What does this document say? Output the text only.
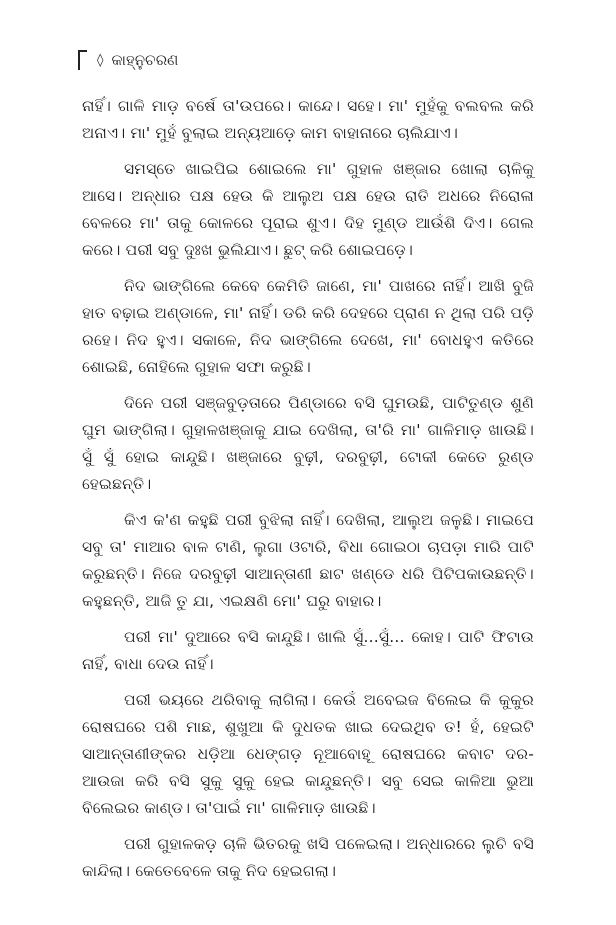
◊ କାହ୍ନୁଚରଣ

ନାହିଁ। ଗାଳି ମାଡ଼ ବର୍ଷେ ତା'ଉପରେ। କାନ୍ଦେ। ସହେ। ମା' ମୁହଁକୁ ବଲବଲ କରି ଅନାଏ। ମା' ମୁହଁ ବୁଲାଇ ଅନ୍ୟଆଡ଼େ କାମ ବାହାନାରେ ଚାଲିଯାଏ।

ସମସ୍ତେ ଖାଇପିଇ ଶୋଇଲେ ମା' ଗୁହାଳ ଖଞ୍ଜାର ଖୋଲା ଚାଳିକୁ ଆସେ। ଅନ୍ଧାର ପକ୍ଷ ହେଉ କି ଆଲୁଅ ପକ୍ଷ ହେଉ ରାତି ଅଧରେ ନିରୋଳା ବେଳରେ ମା' ତାକୁ କୋଳରେ ପୂରାଇ ଶୁଏ। ଦିହ ମୁଣ୍ଡ ଆଉଁଶି ଦିଏ। ଗେଲ କରେ। ପରୀ ସବୁ ଦୁଃଖ ଭୁଲିଯାଏ। ଛୁଟ୍ କରି ଶୋଇପଡ଼େ।

ନିଦ ଭାଙ୍ଗିଲେ କେବେ କେମିତି ଜାଣେ, ମା' ପାଖରେ ନାହିଁ। ଆଖି ବୁଜି ହାତ ବଢ଼ାଇ ଅଣ୍ଡାଳେ, ମା' ନାହିଁ। ଡରି କରି ଦେହରେ ପ୍ରାଣ ନ ଥିଲା ପରି ପଡ଼ି ରହେ। ନିଦ ହୁଏ। ସକାଳେ, ନିଦ ଭାଙ୍ଗିଲେ ଦେଖେ, ମା' ବୋଧହୁଏ କତିରେ ଶୋଇଛି, ନୋହିଲେ ଗୁହାଳ ସଫା କରୁଛି।

ଦିନେ ପରୀ ସଞ୍ଜବୁଡ଼ତାରେ ପିଣ୍ଡାରେ ବସି ଘୁମଉଛି, ପାଟିତୁଣ୍ଡ ଶୁଣି ଘୁମ ଭାଙ୍ଗିଲା। ଗୁହାଳଖଞ୍ଜାକୁ ଯାଇ ଦେଖିଲା, ତା'ରି ମା' ଗାଳିମାଡ଼ ଖାଉଛି। ସୁଁ ସୁଁ ହୋଇ କାନ୍ଦୁଛି। ଖଞ୍ଜାରେ ବୁଢ଼ୀ, ଦରବୁଢ଼ୀ, ଟୋକୀ କେତେ ରୁଣ୍ଡ ହେଇଛନ୍ତି।

କିଏ କ'ଣ କହୁଛି ପରୀ ବୁଝିଲା ନାହିଁ। ଦେଖିଲା, ଆଲୁଅ ଜଳୁଛି। ମାଇପେ ସବୁ ତା' ମାଆର ବାଳ ଟାଣି, ଲୁଗା ଓଟାରି, ବିଧା ଗୋଇଠା ଚାପଡ଼ା ମାରି ପାଟି କରୁଛନ୍ତି। ନିଜେ ଦରବୁଢ଼ୀ ସାଆନ୍ତାଣୀ ଛାଟ ଖଣ୍ଡେ ଧରି ପିଟିପକାଉଛନ୍ତି। କହୁଛନ୍ତି, ଆଜି ତୁ ଯା, ଏଇକ୍ଷଣି ମୋ' ଘରୁ ବାହାର।

ପରୀ ମା' ଦୁଆରେ ବସି କାନ୍ଦୁଛି। ଖାଲି ସୁଁ...ସୁଁ... କୋହ। ପାଟି ଫିଟାଉ ନାହିଁ, ବାଧା ଦେଉ ନାହିଁ।

ପରୀ ଭୟରେ ଥରିବାକୁ ଲାଗିଲା। କେଉଁ ଅବେଇଜ ବିଲେଇ କି କୁକୁର ରୋଷଘରେ ପଶି ମାଛ, ଶୁଖୁଆ କି ଦୁଧତକ ଖାଇ ଦେଇଥିବ ତ! ହଁ, ହେଇଟି ସାଆନ୍ତାଣୀଙ୍କର ଧଡ଼ିଆ ଧେଙ୍ଗଡ଼ ନୂଆବୋହୂ ରୋଷଘରେ କବାଟ ଦର-ଆଉଜା କରି ବସି ସୁକୁ ସୁକୁ ହେଇ କାନ୍ଦୁଛନ୍ତି। ସବୁ ସେଇ କାଳିଆ ଭୁଆ ବିଲେଇର କାଣ୍ଡ। ତା'ପାଇଁ ମା' ଗାଳିମାଡ଼ ଖାଉଛି।

ପରୀ ଗୁହାଳକଡ଼ ଚାଳି ଭିତରକୁ ଖସି ପଳେଇଲା। ଅନ୍ଧାରରେ ଲୁଚି ବସି କାନ୍ଦିଲା। କେତେବେଳେ ତାକୁ ନିଦ ହେଇଗଲା।
